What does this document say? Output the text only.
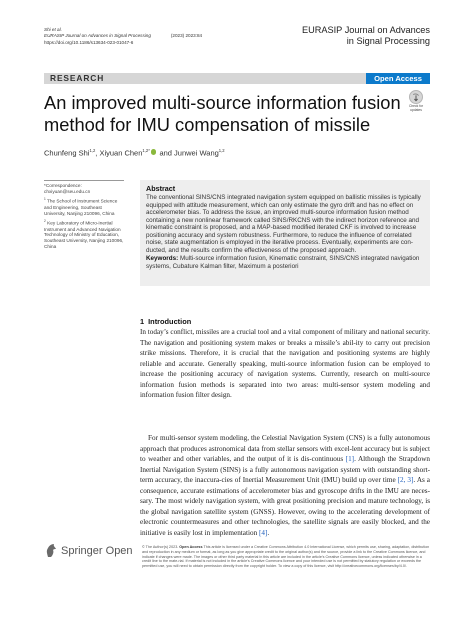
Shi et al.
EURASIP Journal on Advances in Signal Processing	(2023) 2023:84
https://doi.org/10.1186/s13634-023-01047-6
EURASIP Journal on Advances
in Signal Processing
RESEARCH	Open Access
An improved multi-source information fusion method for IMU compensation of missile
Check for
updates
Chunfeng Shi$^{1,2}$, Xiyuan Chen$^{1,2*}$ and Junwei Wang$^{1,2}$
*Correspondence:
chxiyuan@seu.edu.cn
$^1$ The School of Instrument Science and Engineering, Southeast University, Nanjing 210096, China
$^2$ Key Laboratory of Micro-Inertial Instrument and Advanced Navigation Technology of Ministry of Education, Southeast University, Nanjing 210096, China
Abstract
The conventional SINS/CNS integrated navigation system equipped on ballistic missiles is typically equipped with attitude measurement, which can only estimate the gyro drift and has no effect on accelerometer bias. To address the issue, an improved multi-source information fusion method containing a new nonlinear framework called SINS/RKCNS with the indirect horizon reference and kinematic constraint is proposed, and a MAP-based modified iterated CKF is involved to increase positioning accuracy and system robustness. Furthermore, to reduce the influence of correlated noise, state augmentation is employed in the iterative process. Eventually, experiments are con-ducted, and the results confirm the effectiveness of the proposed approach.
Keywords: Multi-source information fusion, Kinematic constraint, SINS/CNS integrated navigation systems, Cubature Kalman filter, Maximum a posteriori
1 Introduction

In today’s conflict, missiles are a crucial tool and a vital component of military and national security. The navigation and positioning system makes or breaks a missile’s abil-ity to carry out precision strike missions. Therefore, it is crucial that the navigation and positioning systems are highly reliable and accurate. Generally speaking, multi-source information fusion can be employed to increase the positioning accuracy of navigation systems. Currently, research on multi-source information fusion methods is separated into two areas: multi-sensor system modeling and information fusion filter design.

For multi-sensor system modeling, the Celestial Navigation System (CNS) is a fully autonomous approach that produces astronomical data from stellar sensors with excel-lent accuracy but is subject to weather and other variables, and the output of it is dis-continuous [1]. Although the Strapdown Inertial Navigation System (SINS) is a fully autonomous navigation system with outstanding short-term accuracy, the inaccura-cies of Inertial Measurement Unit (IMU) build up over time [2, 3]. As a consequence, accurate estimations of accelerometer bias and gyroscope drifts in the IMU are neces-sary. The most widely navigation system, with great positioning precision and mature technology, is the global navigation satellite system (GNSS). However, owing to the accelerating development of electronic countermeasures and other technologies, the satellite signals are easily blocked, and the initiative is easily lost in implementation [4].

Springer Open	© The Author(s) 2023. Open Access This article is licensed under a Creative Commons Attribution 4.0 International License, which permits use, sharing, adaptation, distribution and reproduction in any medium or format, as long as you give appropriate credit to the original author(s) and the source, provide a link to the Creative Commons licence, and indicate if changes were made. The images or other third party material in this article are included in the article’s Creative Commons licence, unless indicated otherwise in a credit line to the mate-rial. If material is not included in the article’s Creative Commons licence and your intended use is not permitted by statutory regulation or exceeds the permitted use, you will need to obtain permission directly from the copyright holder. To view a copy of this licence, visit http://creativecommons.org/licenses/by/4.0/.
